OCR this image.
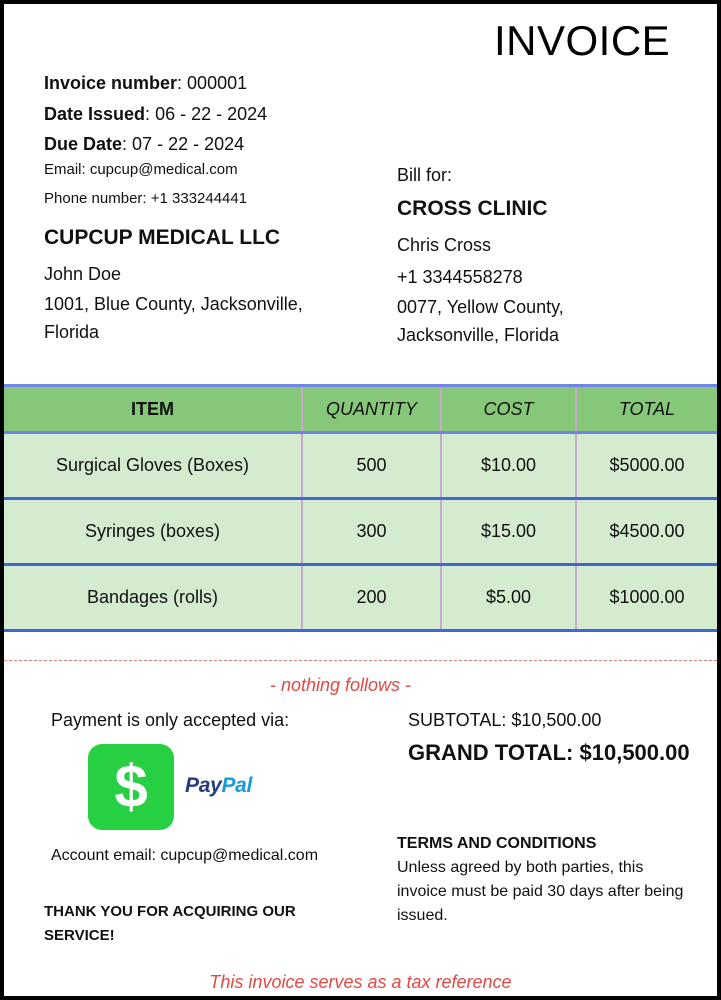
INVOICE
Invoice number: 000001
Date Issued: 06 - 22 - 2024
Due Date: 07 - 22 - 2024
Email: cupcup@medical.com
Phone number: +1 333244441
CUPCUP MEDICAL LLC
John Doe
1001, Blue County, Jacksonville, Florida
Bill for:
CROSS CLINIC
Chris Cross
+1 3344558278
0077, Yellow County, Jacksonville, Florida
ITEM	QUANTITY	COST	TOTAL
Surgical Gloves (Boxes)	500	$10.00	$5000.00
Syringes (boxes)	300	$15.00	$4500.00
Bandages (rolls)	200	$5.00	$1000.00
- nothing follows -
Payment is only accepted via:
$ PayPal
Account email: cupcup@medical.com
THANK YOU FOR ACQUIRING OUR SERVICE!
SUBTOTAL: $10,500.00
GRAND TOTAL: $10,500.00
TERMS AND CONDITIONS
Unless agreed by both parties, this invoice must be paid 30 days after being issued.
This invoice serves as a tax reference
